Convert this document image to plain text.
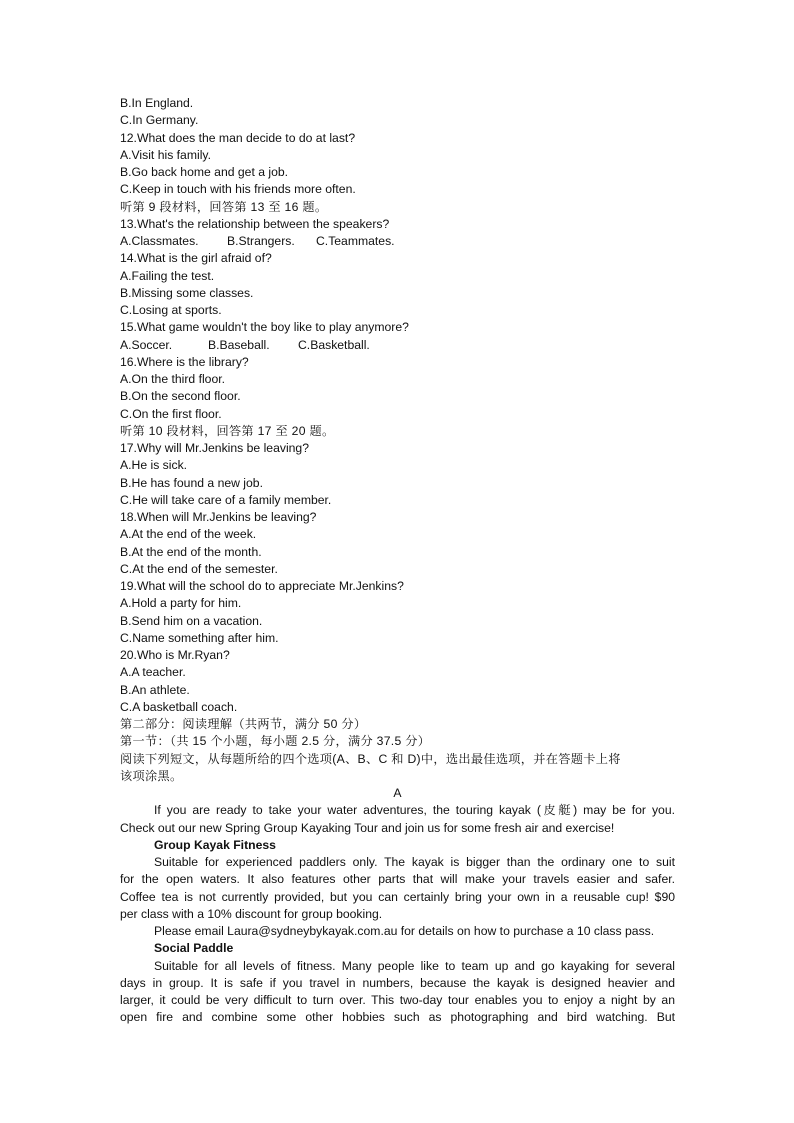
B.In England.
C.In Germany.
12.What does the man decide to do at last?
A.Visit his family.
B.Go back home and get a job.
C.Keep in touch with his friends more often.
听第 9 段材料，回答第 13 至 16 题。
13.What's the relationship between the speakers?
A.Classmates. B.Strangers. C.Teammates.
14.What is the girl afraid of?
A.Failing the test.
B.Missing some classes.
C.Losing at sports.
15.What game wouldn't the boy like to play anymore?
A.Soccer.	B.Baseball. C.Basketball.
16.Where is the library?
A.On the third floor.
B.On the second floor.
C.On the first floor.
听第 10 段材料，回答第 17 至 20 题。
17.Why will Mr.Jenkins be leaving?
A.He is sick.
B.He has found a new job.
C.He will take care of a family member.
18.When will Mr.Jenkins be leaving?
A.At the end of the week.
B.At the end of the month.
C.At the end of the semester.
19.What will the school do to appreciate Mr.Jenkins?
A.Hold a party for him.
B.Send him on a vacation.
C.Name something after him.
20.Who is Mr.Ryan?
A.A teacher.
B.An athlete.
C.A basketball coach.
第二部分：阅读理解（共两节，满分 50 分）
第一节：（共 15 个小题，每小题 2.5 分，满分 37.5 分）
阅读下列短文，从每题所给的四个选项(A、B、C 和 D)中，选出最佳选项，并在答题卡上将
该项涂黑。
A
If you are ready to take your water adventures, the touring kayak (皮艇) may be for you.
Check out our new Spring Group Kayaking Tour and join us for some fresh air and exercise!
Group Kayak Fitness
Suitable for experienced paddlers only. The kayak is bigger than the ordinary one to suit
for the open waters. It also features other parts that will make your travels easier and safer.
Coffee tea is not currently provided, but you can certainly bring your own in a reusable cup! $90
per class with a 10% discount for group booking.
Please email Laura@sydneybykayak.com.au for details on how to purchase a 10 class pass.
Social Paddle
Suitable for all levels of fitness. Many people like to team up and go kayaking for several
days in group. It is safe if you travel in numbers, because the kayak is designed heavier and
larger, it could be very difficult to turn over. This two-day tour enables you to enjoy a night by an
open fire and combine some other hobbies such as photographing and bird watching. But
